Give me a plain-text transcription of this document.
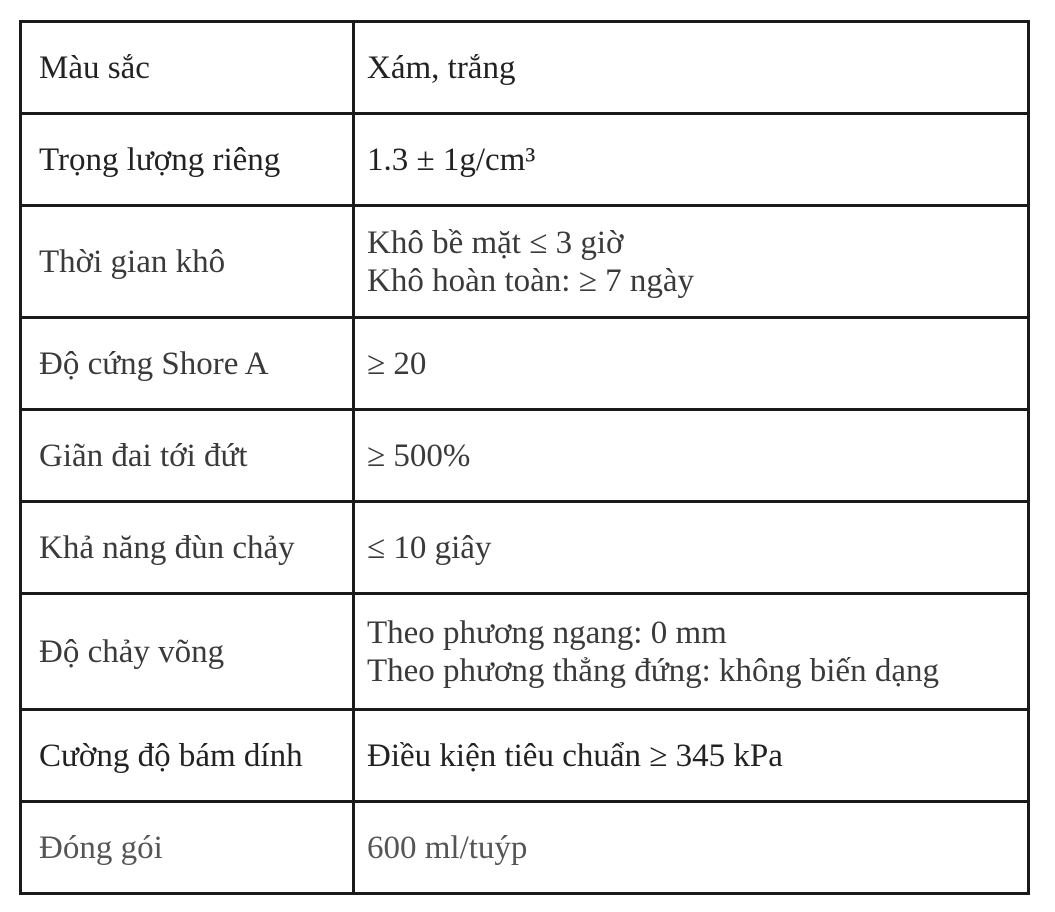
Màu sắc	Xám, trắng

Trọng lượng riêng	1.3 ± 1g/cm³

Thời gian khô	Khô bề mặt ≤ 3 giờ
Khô hoàn toàn: ≥ 7 ngày

Độ cứng Shore A	≥ 20

Giãn đai tới đứt	≥ 500%

Khả năng đùn chảy	≤ 10 giây

Độ chảy võng	Theo phương ngang: 0 mm
Theo phương thẳng đứng: không biến dạng

Cường độ bám dính	Điều kiện tiêu chuẩn ≥ 345 kPa

Đóng gói	600 ml/tuýp
